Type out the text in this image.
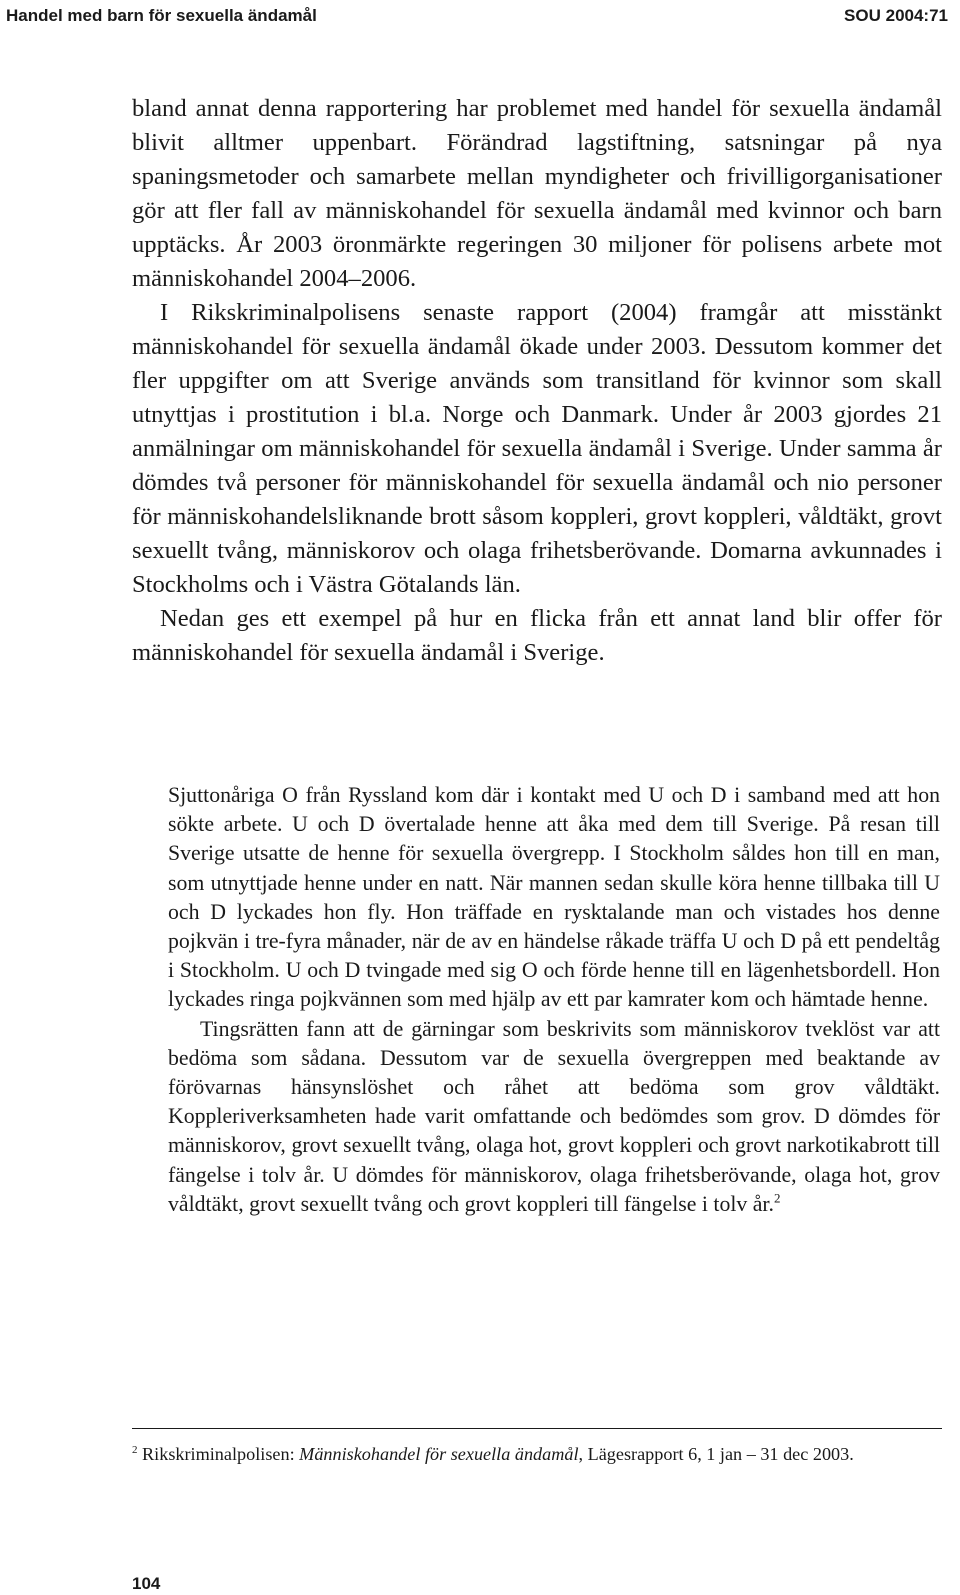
Handel med barn för sexuella ändamål	SOU 2004:71

bland annat denna rapportering har problemet med handel för sexuella ändamål blivit alltmer uppenbart. Förändrad lagstiftning, satsningar på nya spaningsmetoder och samarbete mellan myndigheter och frivilligorganisationer gör att fler fall av människohandel för sexuella ändamål med kvinnor och barn upptäcks. År 2003 öronmärkte regeringen 30 miljoner för polisens arbete mot människohandel 2004–2006.

I Rikskriminalpolisens senaste rapport (2004) framgår att misstänkt människohandel för sexuella ändamål ökade under 2003. Dessutom kommer det fler uppgifter om att Sverige används som transitland för kvinnor som skall utnyttjas i prostitution i bl.a. Norge och Danmark. Under år 2003 gjordes 21 anmälningar om människohandel för sexuella ändamål i Sverige. Under samma år dömdes två personer för människohandel för sexuella ändamål och nio personer för människohandelsliknande brott såsom koppleri, grovt koppleri, våldtäkt, grovt sexuellt tvång, människorov och olaga frihetsberövande. Domarna avkunnades i Stockholms och i Västra Götalands län.

Nedan ges ett exempel på hur en flicka från ett annat land blir offer för människohandel för sexuella ändamål i Sverige.

Sjuttonåriga O från Ryssland kom där i kontakt med U och D i samband med att hon sökte arbete. U och D övertalade henne att åka med dem till Sverige. På resan till Sverige utsatte de henne för sexuella övergrepp. I Stockholm såldes hon till en man, som utnyttjade henne under en natt. När mannen sedan skulle köra henne tillbaka till U och D lyckades hon fly. Hon träffade en rysktalande man och vistades hos denne pojkvän i tre-fyra månader, när de av en händelse råkade träffa U och D på ett pendeltåg i Stockholm. U och D tvingade med sig O och förde henne till en lägenhetsbordell. Hon lyckades ringa pojkvännen som med hjälp av ett par kamrater kom och hämtade henne.

Tingsrätten fann att de gärningar som beskrivits som människorov tveklöst var att bedöma som sådana. Dessutom var de sexuella övergreppen med beaktande av förövarnas hänsynslöshet och råhet att bedöma som grov våldtäkt. Koppleriverksamheten hade varit omfattande och bedömdes som grov. D dömdes för människorov, grovt sexuellt tvång, olaga hot, grovt koppleri och grovt narkotikabrott till fängelse i tolv år. U dömdes för människorov, olaga frihetsberövande, olaga hot, grov våldtäkt, grovt sexuellt tvång och grovt koppleri till fängelse i tolv år.$^2$

$^2$ Rikskriminalpolisen: Människohandel för sexuella ändamål, Lägesrapport 6, 1 jan – 31 dec 2003.
104
